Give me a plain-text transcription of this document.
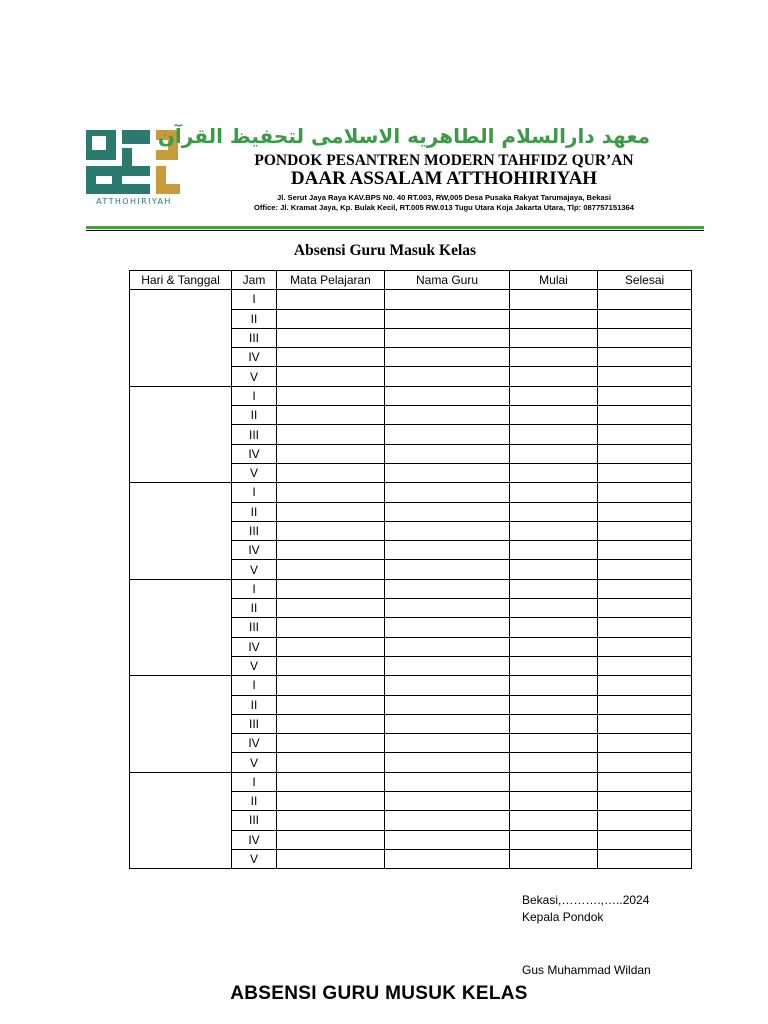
ATTHOHIRIYAH
معهد دارالسلام الطاهريه الاسلامى لتحفيظ القرآن
PONDOK PESANTREN MODERN TAHFIDZ QUR’AN
DAAR ASSALAM ATTHOHIRIYAH
Jl. Serut Jaya Raya KAV.BPS N0. 40 RT.003, RW,005 Desa Pusaka Rakyat Tarumajaya, Bekasi
Office: Jl. Kramat Jaya, Kp. Bulak Kecil, RT.005 RW.013 Tugu Utara Koja Jakarta Utara, Tlp: 087757151364
Absensi Guru Masuk Kelas
Hari & Tanggal	Jam	Mata Pelajaran	Nama Guru	Mulai	Selesai
	I				
	II				
	III				
	IV				
	V				
	I				
	II				
	III				
	IV				
	V				
	I				
	II				
	III				
	IV				
	V				
	I				
	II				
	III				
	IV				
	V				
	I				
	II				
	III				
	IV				
	V				
	I				
	II				
	III				
	IV				
	V				
Bekasi,……….,…..2024
Kepala Pondok
Gus Muhammad Wildan
ABSENSI GURU MUSUK KELAS
